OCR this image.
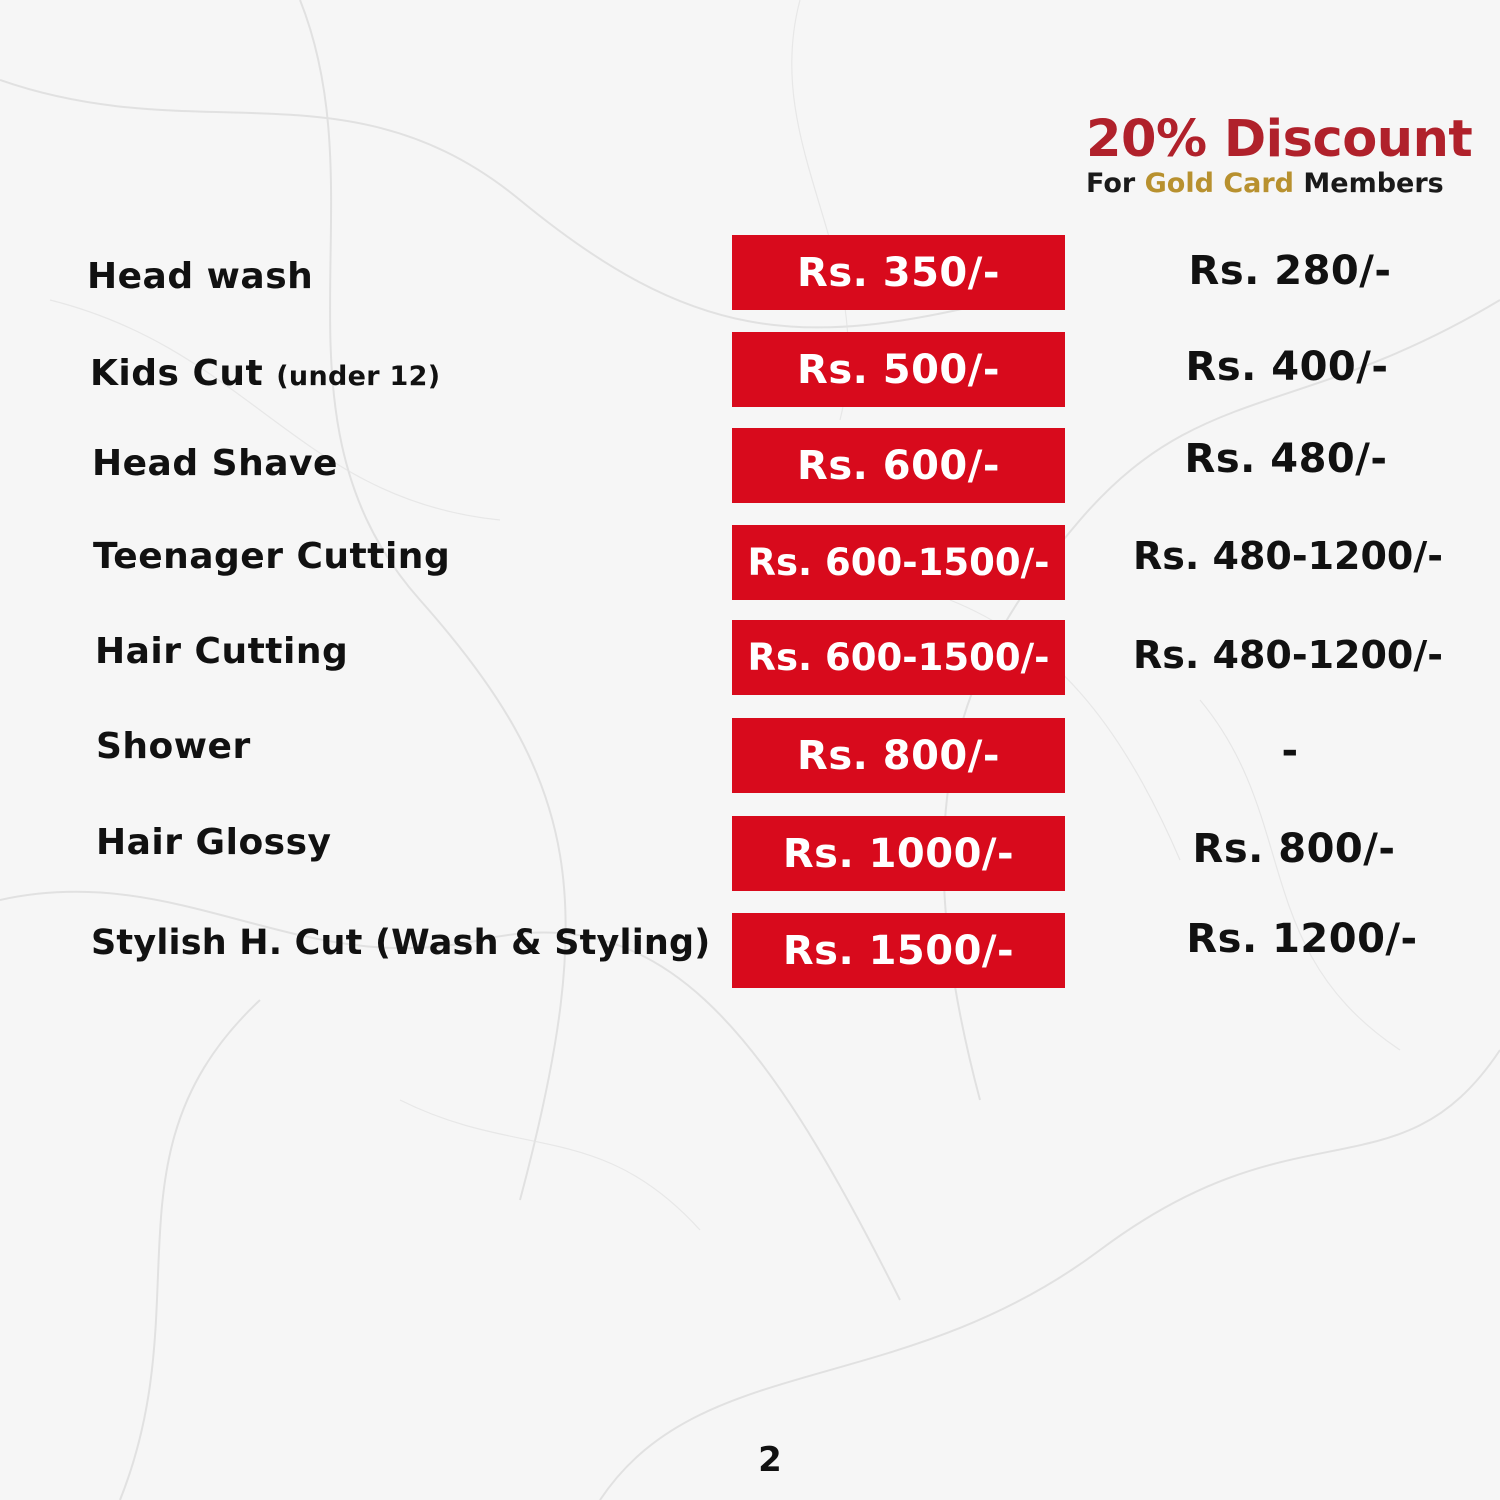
20% Discount
For Gold Card Members
Head wash	Rs. 350/-	Rs. 280/-
Kids Cut (under 12)	Rs. 500/-	Rs. 400/-
Head Shave	Rs. 600/-	Rs. 480/-
Teenager Cutting	Rs. 600-1500/-	Rs. 480-1200/-
Hair Cutting	Rs. 600-1500/-	Rs. 480-1200/-
Shower	Rs. 800/-	-
Hair Glossy	Rs. 1000/-	Rs. 800/-
Stylish H. Cut (Wash & Styling)	Rs. 1500/-	Rs. 1200/-
2
